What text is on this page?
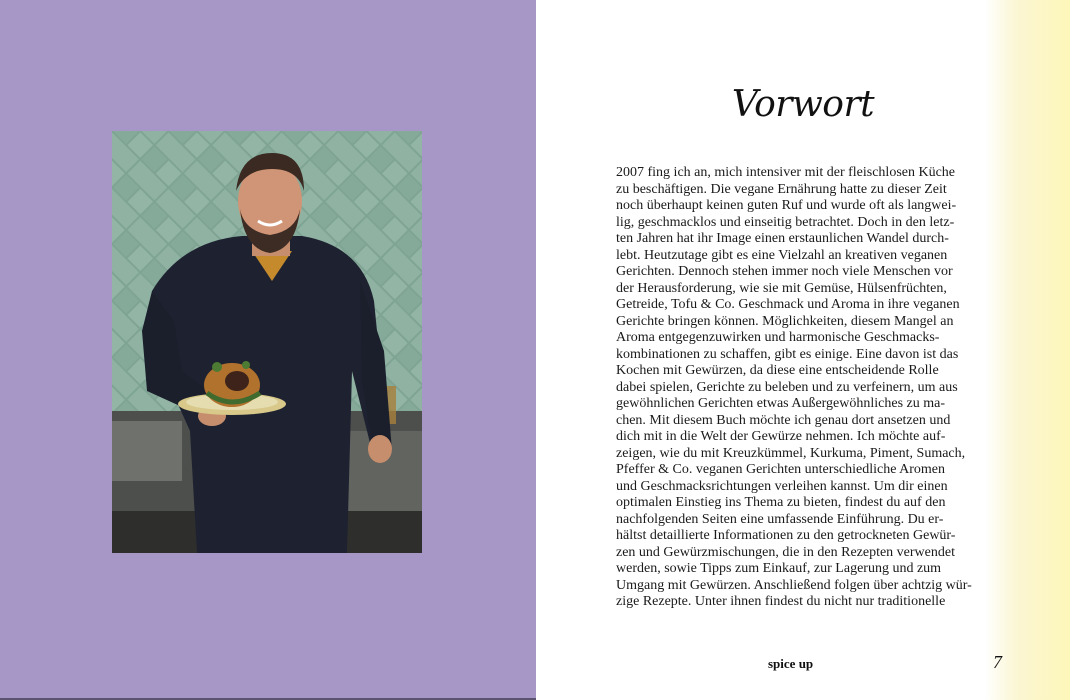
Vorwort
2007 fing ich an, mich intensiver mit der fleischlosen Küche
zu beschäftigen. Die vegane Ernährung hatte zu dieser Zeit
noch überhaupt keinen guten Ruf und wurde oft als langwei-
lig, geschmacklos und einseitig betrachtet. Doch in den letz-
ten Jahren hat ihr Image einen erstaunlichen Wandel durch-
lebt. Heutzutage gibt es eine Vielzahl an kreativen veganen
Gerichten. Dennoch stehen immer noch viele Menschen vor
der Herausforderung, wie sie mit Gemüse, Hülsenfrüchten,
Getreide, Tofu & Co. Geschmack und Aroma in ihre veganen
Gerichte bringen können. Möglichkeiten, diesem Mangel an
Aroma entgegenzuwirken und harmonische Geschmacks-
kombinationen zu schaffen, gibt es einige. Eine davon ist das
Kochen mit Gewürzen, da diese eine entscheidende Rolle
dabei spielen, Gerichte zu beleben und zu verfeinern, um aus
gewöhnlichen Gerichten etwas Außergewöhnliches zu ma-
chen. Mit diesem Buch möchte ich genau dort ansetzen und
dich mit in die Welt der Gewürze nehmen. Ich möchte auf-
zeigen, wie du mit Kreuzkümmel, Kurkuma, Piment, Sumach,
Pfeffer & Co. veganen Gerichten unterschiedliche Aromen
und Geschmacksrichtungen verleihen kannst. Um dir einen
optimalen Einstieg ins Thema zu bieten, findest du auf den
nachfolgenden Seiten eine umfassende Einführung. Du er-
hältst detaillierte Informationen zu den getrockneten Gewür-
zen und Gewürzmischungen, die in den Rezepten verwendet
werden, sowie Tipps zum Einkauf, zur Lagerung und zum
Umgang mit Gewürzen. Anschließend folgen über achtzig wür-
zige Rezepte. Unter ihnen findest du nicht nur traditionelle
spice up	7
